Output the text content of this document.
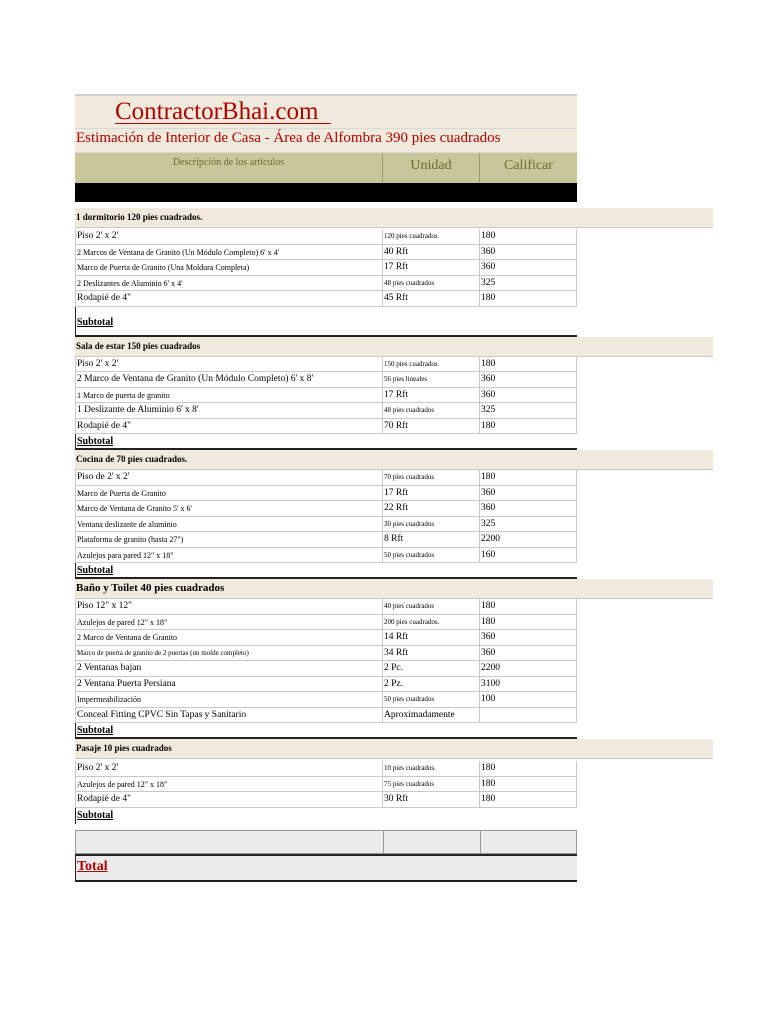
ContractorBhai.com
Estimación de Interior de Casa - Área de Alfombra 390 pies cuadrados
Descripción de los artículos	Unidad	Calificar
1 dormitorio 120 pies cuadrados.
Piso 2' x 2'	120 pies cuadrados	180
2 Marcos de Ventana de Granito (Un Módulo Completo) 6' x 4'	40 Rft	360
Marco de Puerta de Granito (Una Moldura Completa)	17 Rft	360
2 Deslizantes de Aluminio 6' x 4'	48 pies cuadrados	325
Rodapié de 4"	45 Rft	180
Subtotal
Sala de estar 150 pies cuadrados
Piso 2' x 2'	150 pies cuadrados	180
2 Marco de Ventana de Granito (Un Módulo Completo) 6' x 8'	56 pies lineales	360
1 Marco de puerta de granito	17 Rft	360
1 Deslizante de Aluminio 6' x 8'	48 pies cuadrados	325
Rodapié de 4"	70 Rft	180
Subtotal
Cocina de 70 pies cuadrados.
Piso de 2' x 2'	70 pies cuadrados	180
Marco de Puerta de Granito	17 Rft	360
Marco de Ventana de Granito 5' x 6'	22 Rft	360
Ventana deslizante de aluminio	30 pies cuadrados	325
Plataforma de granito (hasta 27")	8 Rft	2200
Azulejos para pared 12" x 18"	50 pies cuadrados	160
Subtotal
Baño y Toilet 40 pies cuadrados
Piso 12" x 12"	40 pies cuadrados	180
Azulejos de pared 12" x 18"	200 pies cuadrados.	180
2 Marco de Ventana de Granito	14 Rft	360
Marco de puerta de granito de 2 puertas (un molde completo)	34 Rft	360
2 Ventanas bajan	2 Pc.	2200
2 Ventana Puerta Persiana	2 Pz.	3100
Impermeabilización	50 pies cuadrados	100
Conceal Fitting CPVC Sin Tapas y Sanitario	Aproximadamente
Subtotal
Pasaje 10 pies cuadrados
Piso 2' x 2'	10 pies cuadrados.	180
Azulejos de pared 12" x 18"	75 pies cuadrados	180
Rodapié de 4"	30 Rft	180
Subtotal
Total
